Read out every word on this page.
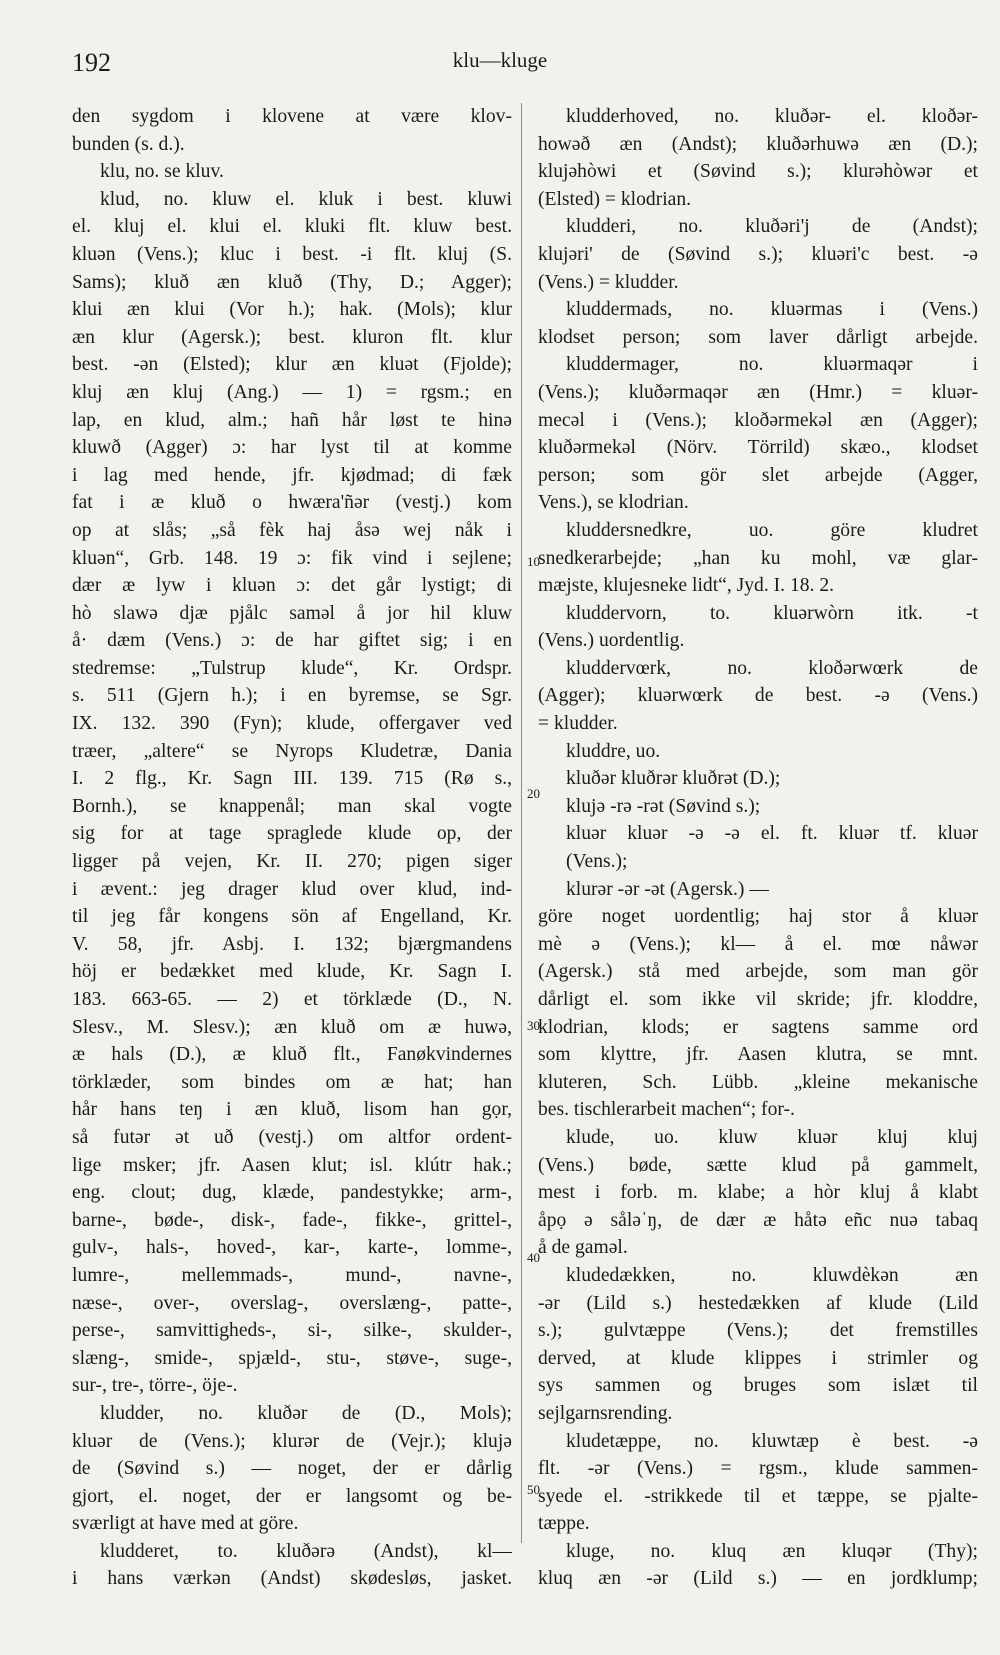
192	klu—kluge
den sygdom i klovene at være klov-
bunden (s. d.).
klu, no. se kluv.
klud, no. kluw el. kluk i best. kluwi
el. kluj el. klui el. kluki flt. kluw best.
kluən (Vens.); kluc i best. -i flt. kluj (S.
Sams); kluð æn kluð (Thy, D.; Agger);
klui æn klui (Vor h.); hak. (Mols); klur
æn klur (Agersk.); best. kluron flt. klur
best. -ən (Elsted); klur æn kluət (Fjolde);
kluj æn kluj (Ang.) — 1) = rgsm.; en
lap, en klud, alm.; hañ hår løst te hinə
kluwð (Agger) ɔ: har lyst til at komme
i lag med hende, jfr. kjødmad; di fæk
fat i æ kluð o hwæra'ñər (vestj.) kom
op at slås; „så fèk haj åsə wej nåk i
kluən“, Grb. 148. 19 ɔ: fik vind i sejlene;
dær æ lyw i kluən ɔ: det går lystigt; di
hò slawə djæ pjålc saməl å jor hil kluw
å· dæm (Vens.) ɔ: de har giftet sig; i en
stedremse: „Tulstrup klude“, Kr. Ordspr.
s. 511 (Gjern h.); i en byremse, se Sgr.
IX. 132. 390 (Fyn); klude, offergaver ved
træer, „altere“ se Nyrops Kludetræ, Dania
I. 2 flg., Kr. Sagn III. 139. 715 (Rø s.,
Bornh.), se knappenål; man skal vogte
sig for at tage spraglede klude op, der
ligger på vejen, Kr. II. 270; pigen siger
i ævent.: jeg drager klud over klud, ind-
til jeg får kongens sön af Engelland, Kr.
V. 58, jfr. Asbj. I. 132; bjærgmandens
höj er bedækket med klude, Kr. Sagn I.
183. 663-65. — 2) et törklæde (D., N.
Slesv., M. Slesv.); æn kluð om æ huwə,
æ hals (D.), æ kluð flt., Fanøkvindernes
törklæder, som bindes om æ hat; han
hår hans teŋ i æn kluð, lisom han gọr,
så futər ət uð (vestj.) om altfor ordent-
lige msker; jfr. Aasen klut; isl. klútr hak.;
eng. clout; dug, klæde, pandestykke; arm-,
barne-, bøde-, disk-, fade-, fikke-, grittel-,
gulv-, hals-, hoved-, kar-, karte-, lomme-,
lumre-, mellemmads-, mund-, navne-,
næse-, over-, overslag-, overslæng-, patte-,
perse-, samvittigheds-, si-, silke-, skulder-,
slæng-, smide-, spjæld-, stu-, støve-, suge-,
sur-, tre-, törre-, öje-.
kludder, no. kluðər de (D., Mols);
kluər de (Vens.); klurər de (Vejr.); klujə
de (Søvind s.) — noget, der er dårlig
gjort, el. noget, der er langsomt og be-
sværligt at have med at göre.
kludderet, to. kluðərə (Andst), kl—
i hans værkən (Andst) skødesløs, jasket.
kludderhoved, no. kluðər- el. kloðər-
howəð æn (Andst); kluðərhuwə æn (D.);
klujəhòwi et (Søvind s.); klurəhòwər et
(Elsted) = klodrian.
kludderi, no. kluðəri'j de (Andst);
klujəri' de (Søvind s.); kluəri'c best. -ə
(Vens.) = kludder.
kluddermads, no. kluərmas i (Vens.)
klodset person; som laver dårligt arbejde.
kluddermager, no. kluərmaqər i
(Vens.); kluðərmaqər æn (Hmr.) = kluər-
mecəl i (Vens.); kloðərmekəl æn (Agger);
kluðərmekəl (Nörv. Törrild) skæo., klodset
person; som gör slet arbejde (Agger,
Vens.), se klodrian.
kluddersnedkre, uo. göre kludret
snedkerarbejde; „han ku mohl, væ glar-
mæjste, klujesneke lidt“, Jyd. I. 18. 2.
kluddervorn, to. kluərwòrn itk. -t
(Vens.) uordentlig.
kluddervœrk, no. kloðərwœrk de
(Agger); kluərwœrk de best. -ə (Vens.)
= kludder.
kluddre, uo.
kluðər kluðrər kluðrət (D.);
klujə -rə -rət (Søvind s.);
kluər kluər -ə -ə el. ft. kluər tf. kluər
(Vens.);
klurər -ər -ət (Agersk.) —
göre noget uordentlig; haj stor å kluər
mè ə (Vens.); kl— å el. mœ nåwər
(Agersk.) stå med arbejde, som man gör
dårligt el. som ikke vil skride; jfr. kloddre,
klodrian, klods; er sagtens samme ord
som klyttre, jfr. Aasen klutra, se mnt.
kluteren, Sch. Lübb. „kleine mekanische
bes. tischlerarbeit machen“; for-.
klude, uo. kluw kluər kluj kluj
(Vens.) bøde, sætte klud på gammelt,
mest i forb. m. klabe; a hòr kluj å klabt
åpọ ə såləˈŋ, de dær æ håtə eñc nuə tabaq
å de gaməl.
kludedækken, no. kluwdèkən æn
-ər (Lild s.) hestedækken af klude (Lild
s.); gulvtæppe (Vens.); det fremstilles
derved, at klude klippes i strimler og
sys sammen og bruges som islæt til
sejlgarnsrending.
kludetæppe, no. kluwtæp è best. -ə
flt. -ər (Vens.) = rgsm., klude sammen-
syede el. -strikkede til et tæppe, se pjalte-
tæppe.
kluge, no. kluq æn kluqər (Thy);
kluq æn -ər (Lild s.) — en jordklump;
10
20
30
40
50
